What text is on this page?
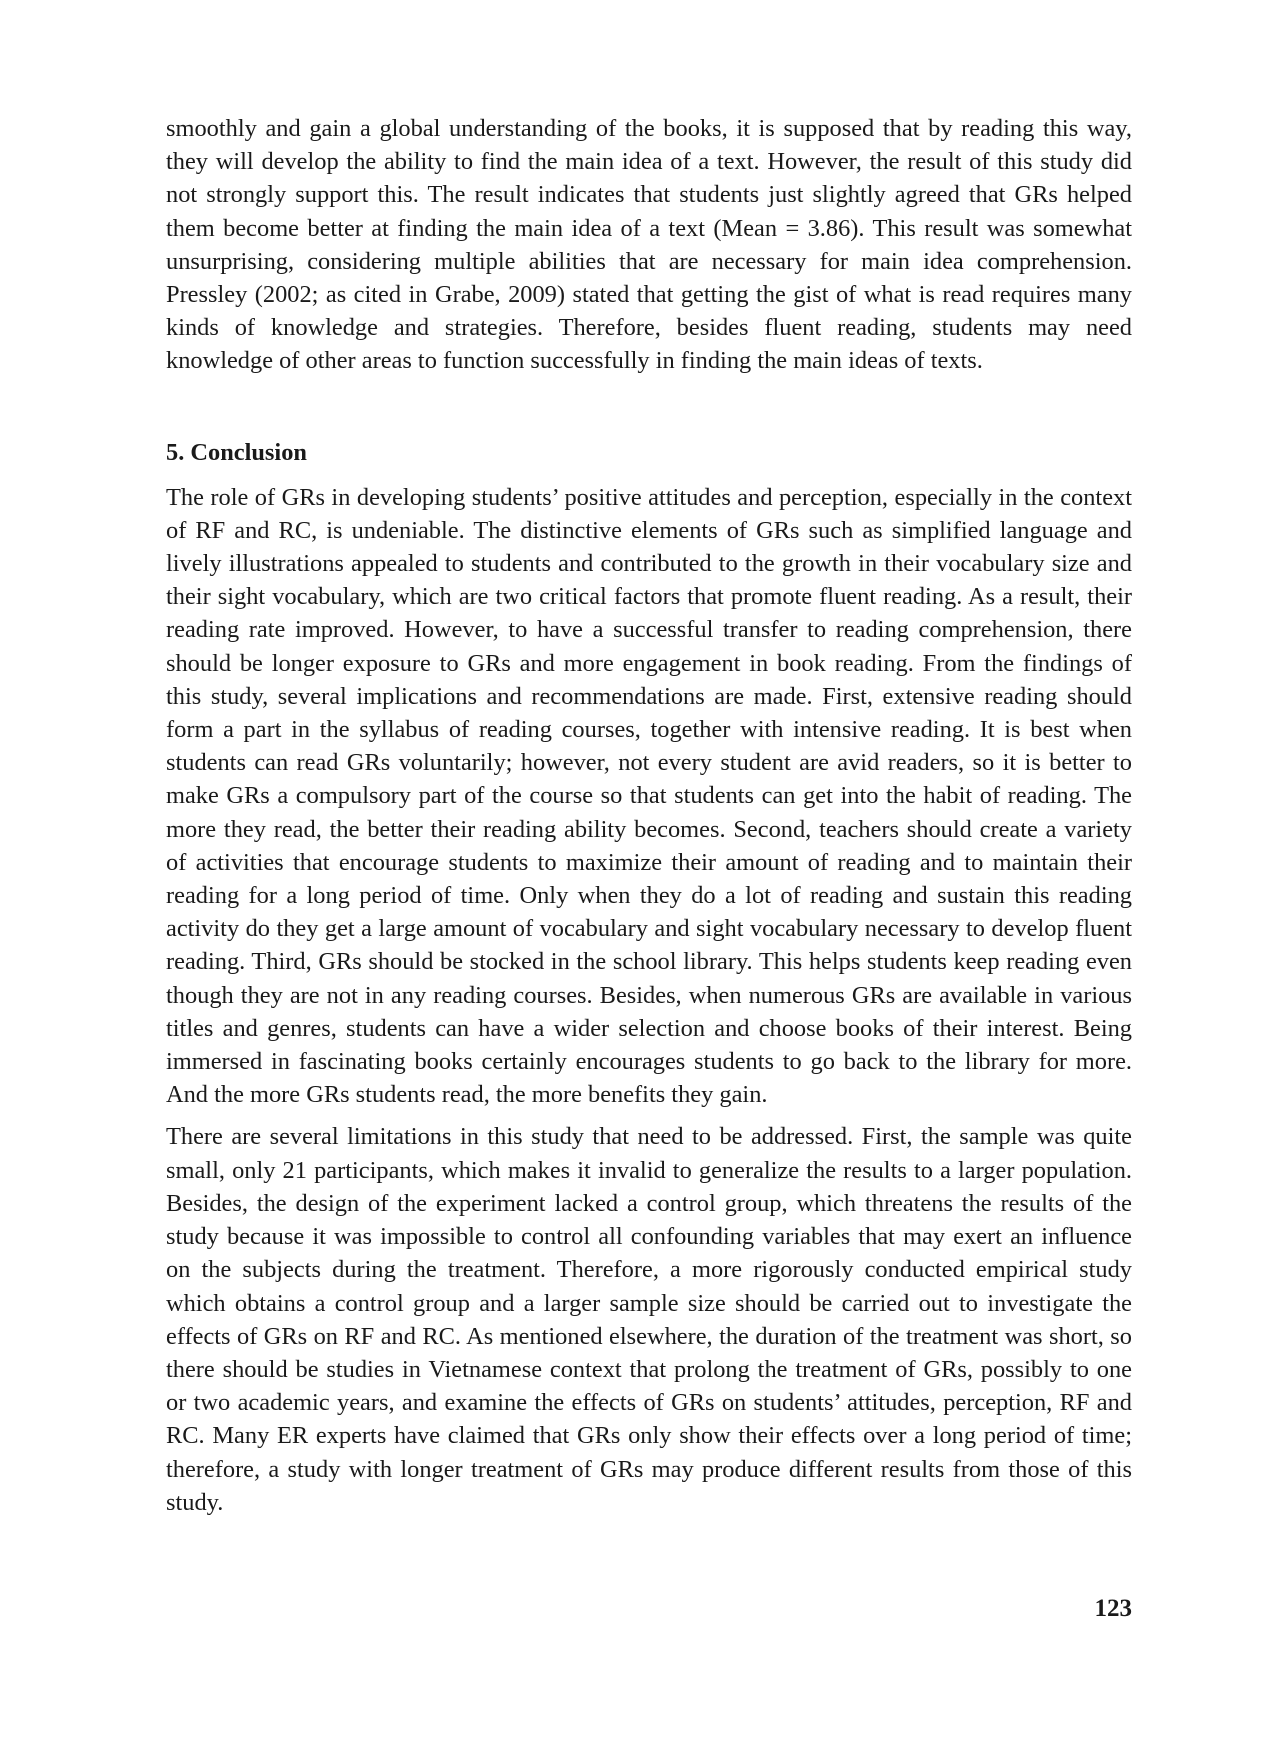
smoothly and gain a global understanding of the books, it is supposed that by reading this way, they will develop the ability to find the main idea of a text. However, the result of this study did not strongly support this. The result indicates that students just slightly agreed that GRs helped them become better at finding the main idea of a text (Mean = 3.86). This result was somewhat unsurprising, considering multiple abilities that are necessary for main idea comprehension. Pressley (2002; as cited in Grabe, 2009) stated that getting the gist of what is read requires many kinds of knowledge and strategies. Therefore, besides fluent reading, students may need knowledge of other areas to function successfully in finding the main ideas of texts.

5. Conclusion

The role of GRs in developing students’ positive attitudes and perception, especially in the context of RF and RC, is undeniable. The distinctive elements of GRs such as simplified language and lively illustrations appealed to students and contributed to the growth in their vocabulary size and their sight vocabulary, which are two critical factors that promote fluent reading. As a result, their reading rate improved. However, to have a successful transfer to reading comprehension, there should be longer exposure to GRs and more engagement in book reading. From the findings of this study, several implications and recommendations are made. First, extensive reading should form a part in the syllabus of reading courses, together with intensive reading. It is best when students can read GRs voluntarily; however, not every student are avid readers, so it is better to make GRs a compulsory part of the course so that students can get into the habit of reading. The more they read, the better their reading ability becomes. Second, teachers should create a variety of activities that encourage students to maximize their amount of reading and to maintain their reading for a long period of time. Only when they do a lot of reading and sustain this reading activity do they get a large amount of vocabulary and sight vocabulary necessary to develop fluent reading. Third, GRs should be stocked in the school library. This helps students keep reading even though they are not in any reading courses. Besides, when numerous GRs are available in various titles and genres, students can have a wider selection and choose books of their interest. Being immersed in fascinating books certainly encourages students to go back to the library for more. And the more GRs students read, the more benefits they gain.

There are several limitations in this study that need to be addressed. First, the sample was quite small, only 21 participants, which makes it invalid to generalize the results to a larger population. Besides, the design of the experiment lacked a control group, which threatens the results of the study because it was impossible to control all confounding variables that may exert an influence on the subjects during the treatment. Therefore, a more rigorously conducted empirical study which obtains a control group and a larger sample size should be carried out to investigate the effects of GRs on RF and RC. As mentioned elsewhere, the duration of the treatment was short, so there should be studies in Vietnamese context that prolong the treatment of GRs, possibly to one or two academic years, and examine the effects of GRs on students’ attitudes, perception, RF and RC. Many ER experts have claimed that GRs only show their effects over a long period of time; therefore, a study with longer treatment of GRs may produce different results from those of this study.

123
